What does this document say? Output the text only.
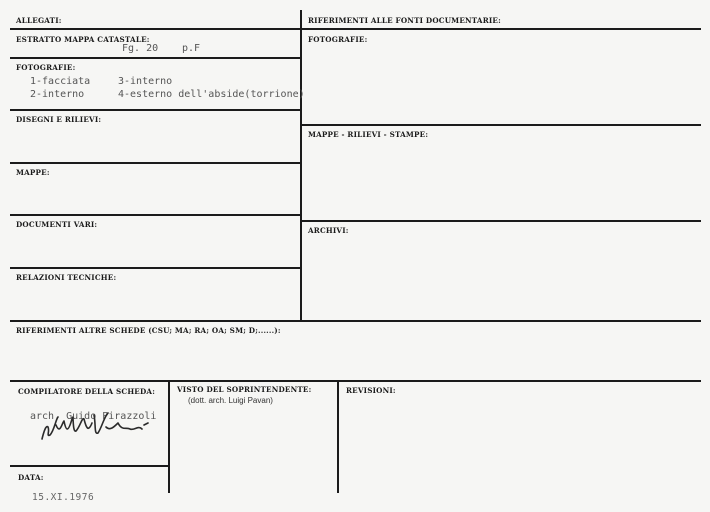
ALLEGATI:
ESTRATTO MAPPA CATASTALE:
Fg. 20 p.F
FOTOGRAFIE:
1-facciata	3-interno
2-interno	4-esterno dell'abside(torrione)
DISEGNI E RILIEVI:
MAPPE:
DOCUMENTI VARI:
RELAZIONI TECNICHE:
RIFERIMENTI ALLE FONTI DOCUMENTARIE:
FOTOGRAFIE:
MAPPE - RILIEVI - STAMPE:
ARCHIVI:
RIFERIMENTI ALTRE SCHEDE (CSU; MA; RA; OA; SM; D;......):
COMPILATORE DELLA SCHEDA:
arch. Guido Pirazzoli
VISTO DEL SOPRINTENDENTE:
(dott. arch. Luigi Pavan)
REVISIONI:
DATA:
15.XI.1976
